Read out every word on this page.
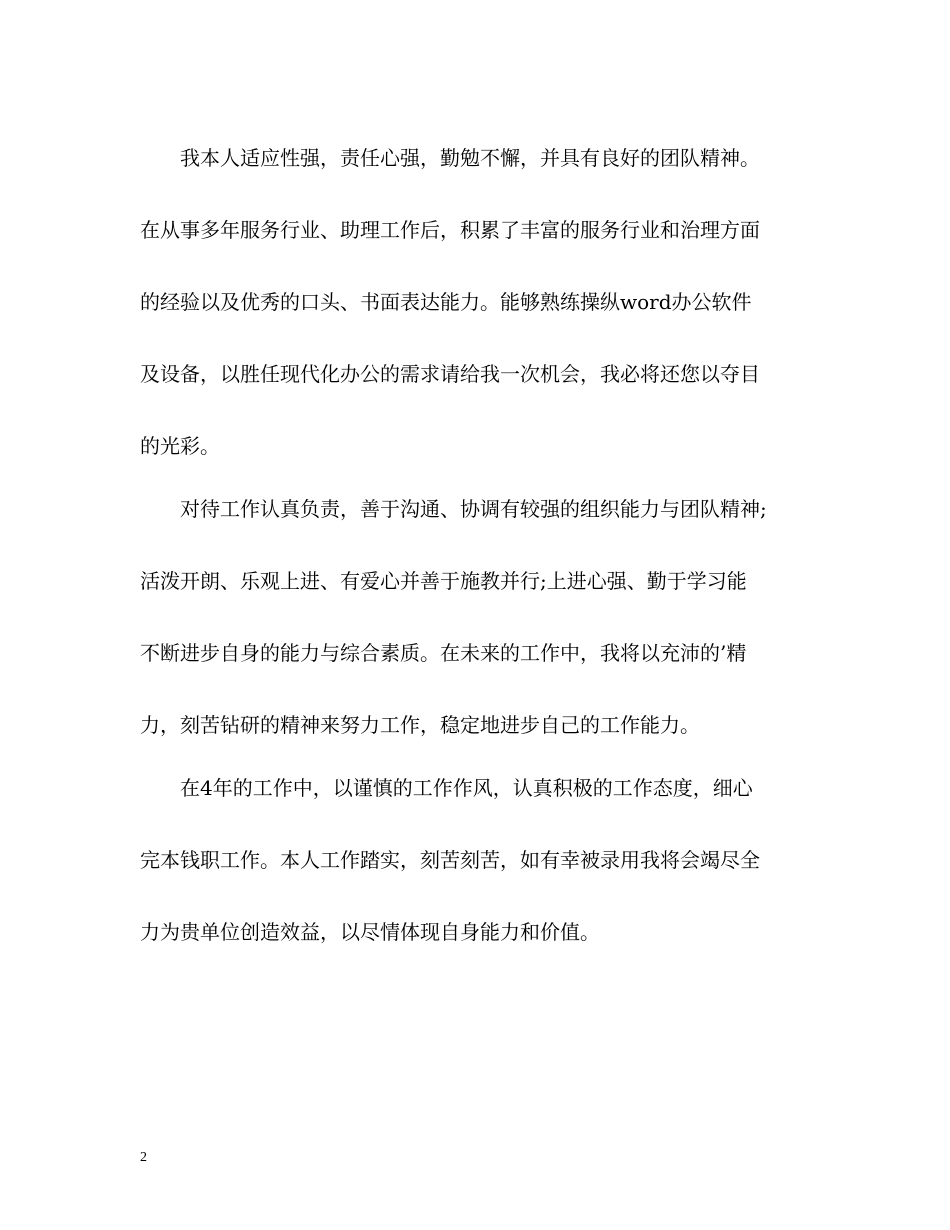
　　我本人适应性强，责任心强，勤勉不懈，并具有良好的团队精神。
在从事多年服务行业、助理工作后，积累了丰富的服务行业和治理方面
的经验以及优秀的口头、书面表达能力。能够熟练操纵word办公软件
及设备，以胜任现代化办公的需求请给我一次机会，我必将还您以夺目
的光彩。
　　对待工作认真负责，善于沟通、协调有较强的组织能力与团队精神;
活泼开朗、乐观上进、有爱心并善于施教并行;上进心强、勤于学习能
不断进步自身的能力与综合素质。在未来的工作中，我将以充沛的’精
力，刻苦钻研的精神来努力工作，稳定地进步自己的工作能力。
　　在4年的工作中，以谨慎的工作作风，认真积极的工作态度，细心
完本钱职工作。本人工作踏实，刻苦刻苦，如有幸被录用我将会竭尽全
力为贵单位创造效益，以尽情体现自身能力和价值。
2
